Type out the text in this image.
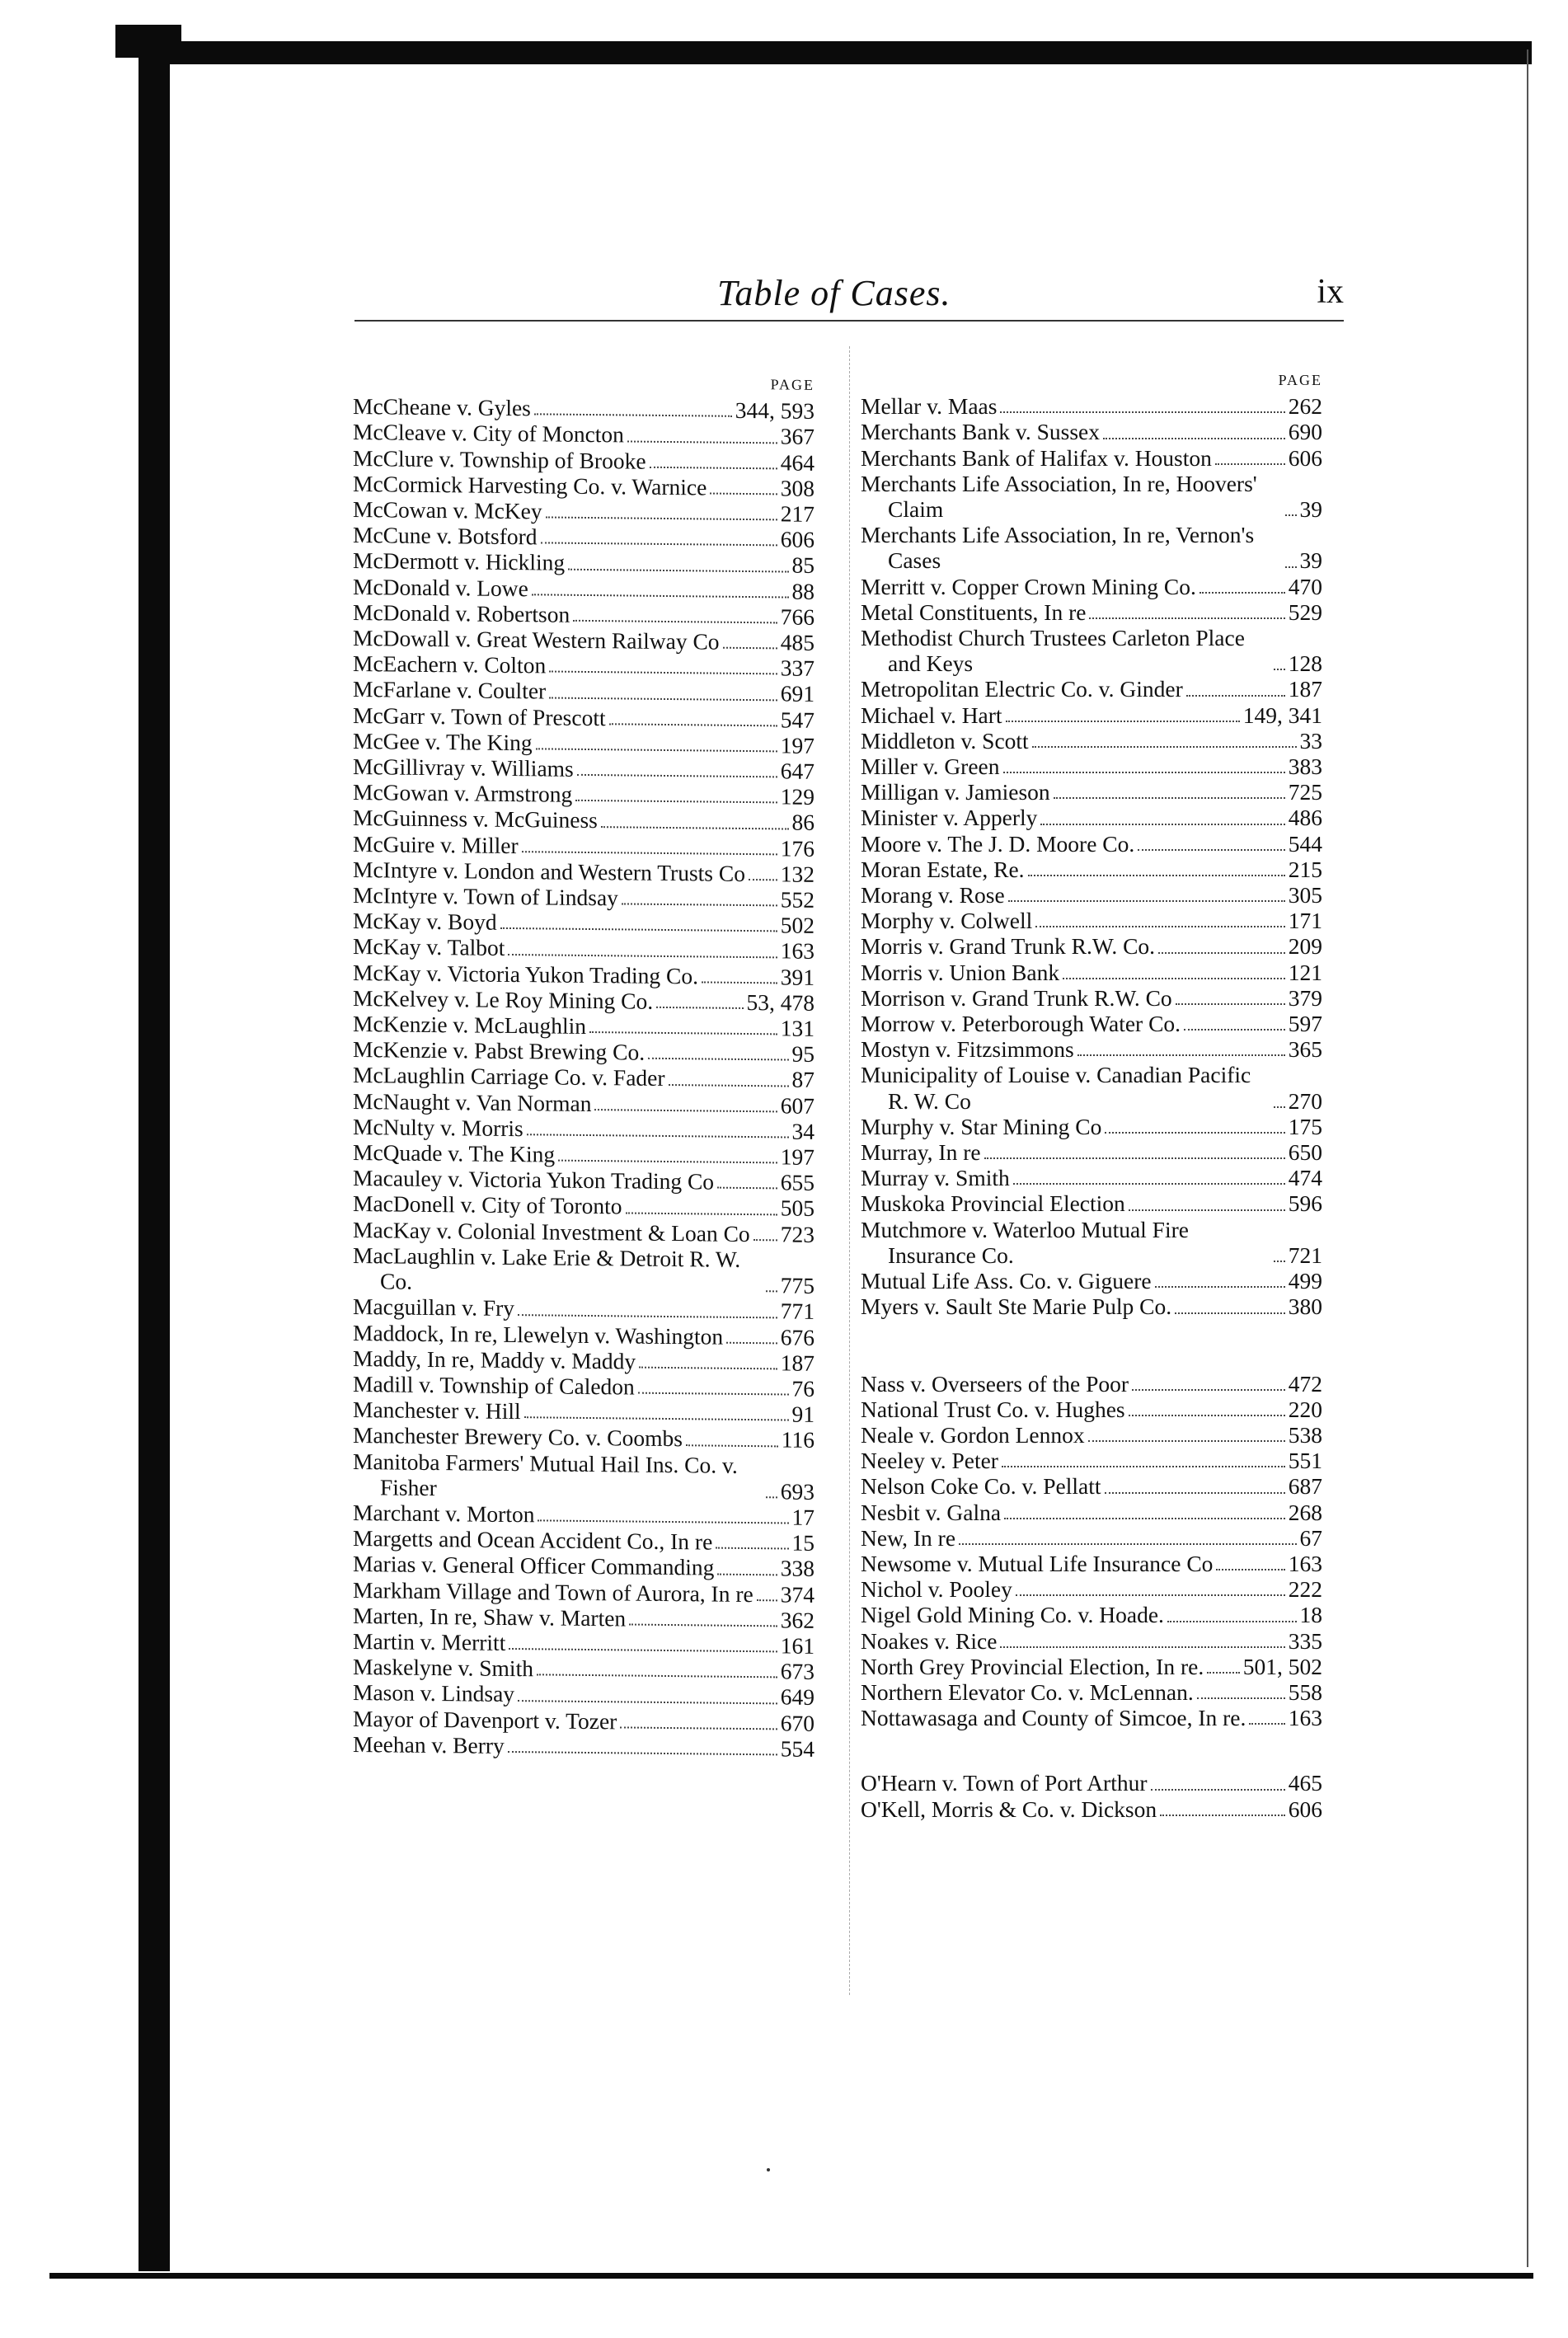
Table of Cases.	ix
PAGE
McCheane v. Gyles	344, 593
McCleave v. City of Moncton	367
McClure v. Township of Brooke	464
McCormick Harvesting Co. v. Warnice	308
McCowan v. McKey	217
McCune v. Botsford	606
McDermott v. Hickling	85
McDonald v. Lowe	88
McDonald v. Robertson	766
McDowall v. Great Western Railway Co	485
McEachern v. Colton	337
McFarlane v. Coulter	691
McGarr v. Town of Prescott	547
McGee v. The King	197
McGillivray v. Williams	647
McGowan v. Armstrong	129
McGuinness v. McGuiness	86
McGuire v. Miller	176
McIntyre v. London and Western Trusts Co 132
McIntyre v. Town of Lindsay	552
McKay v. Boyd	502
McKay v. Talbot	163
McKay v. Victoria Yukon Trading Co.	391
McKelvey v. Le Roy Mining Co.	53, 478
McKenzie v. McLaughlin	131
McKenzie v. Pabst Brewing Co.	95
McLaughlin Carriage Co. v. Fader	87
McNaught v. Van Norman	607
McNulty v. Morris	34
McQuade v. The King	197
Macauley v. Victoria Yukon Trading Co	655
MacDonell v. City of Toronto	505
MacKay v. Colonial Investment & Loan Co 723
MacLaughlin v. Lake Erie & Detroit R. W. Co.	775
Macguillan v. Fry	771
Maddock, In re, Llewelyn v. Washington	676
Maddy, In re, Maddy v. Maddy	187
Madill v. Township of Caledon	76
Manchester v. Hill	91
Manchester Brewery Co. v. Coombs	116
Manitoba Farmers' Mutual Hail Ins. Co. v. Fisher	693
Marchant v. Morton	17
Margetts and Ocean Accident Co., In re	15
Marias v. General Officer Commanding	338
Markham Village and Town of Aurora, In re 374
Marten, In re, Shaw v. Marten	362
Martin v. Merritt	161
Maskelyne v. Smith	673
Mason v. Lindsay	649
Mayor of Davenport v. Tozer	670
Meehan v. Berry	554
PAGE
Mellar v. Maas	262
Merchants Bank v. Sussex	690
Merchants Bank of Halifax v. Houston	606
Merchants Life Association, In re, Hoovers' Claim	39
Merchants Life Association, In re, Vernon's Cases	39
Merritt v. Copper Crown Mining Co.	470
Metal Constituents, In re	529
Methodist Church Trustees Carleton Place and Keys	128
Metropolitan Electric Co. v. Ginder	187
Michael v. Hart	149, 341
Middleton v. Scott	33
Miller v. Green	383
Milligan v. Jamieson	725
Minister v. Apperly	486
Moore v. The J. D. Moore Co.	544
Moran Estate, Re.	215
Morang v. Rose	305
Morphy v. Colwell	171
Morris v. Grand Trunk R.W. Co.	209
Morris v. Union Bank	121
Morrison v. Grand Trunk R.W. Co	379
Morrow v. Peterborough Water Co.	597
Mostyn v. Fitzsimmons	365
Municipality of Louise v. Canadian Pacific R. W. Co	270
Murphy v. Star Mining Co	175
Murray, In re	650
Murray v. Smith	474
Muskoka Provincial Election	596
Mutchmore v. Waterloo Mutual Fire Insurance Co.	721
Mutual Life Ass. Co. v. Giguere	499
Myers v. Sault Ste Marie Pulp Co.	380
Nass v. Overseers of the Poor	472
National Trust Co. v. Hughes	220
Neale v. Gordon Lennox	538
Neeley v. Peter	551
Nelson Coke Co. v. Pellatt	687
Nesbit v. Galna	268
New, In re	67
Newsome v. Mutual Life Insurance Co	163
Nichol v. Pooley	222
Nigel Gold Mining Co. v. Hoade.	18
Noakes v. Rice	335
North Grey Provincial Election, In re. 501, 502
Northern Elevator Co. v. McLennan.	558
Nottawasaga and County of Simcoe, In re. 163
O'Hearn v. Town of Port Arthur	465
O'Kell, Morris & Co. v. Dickson	606
